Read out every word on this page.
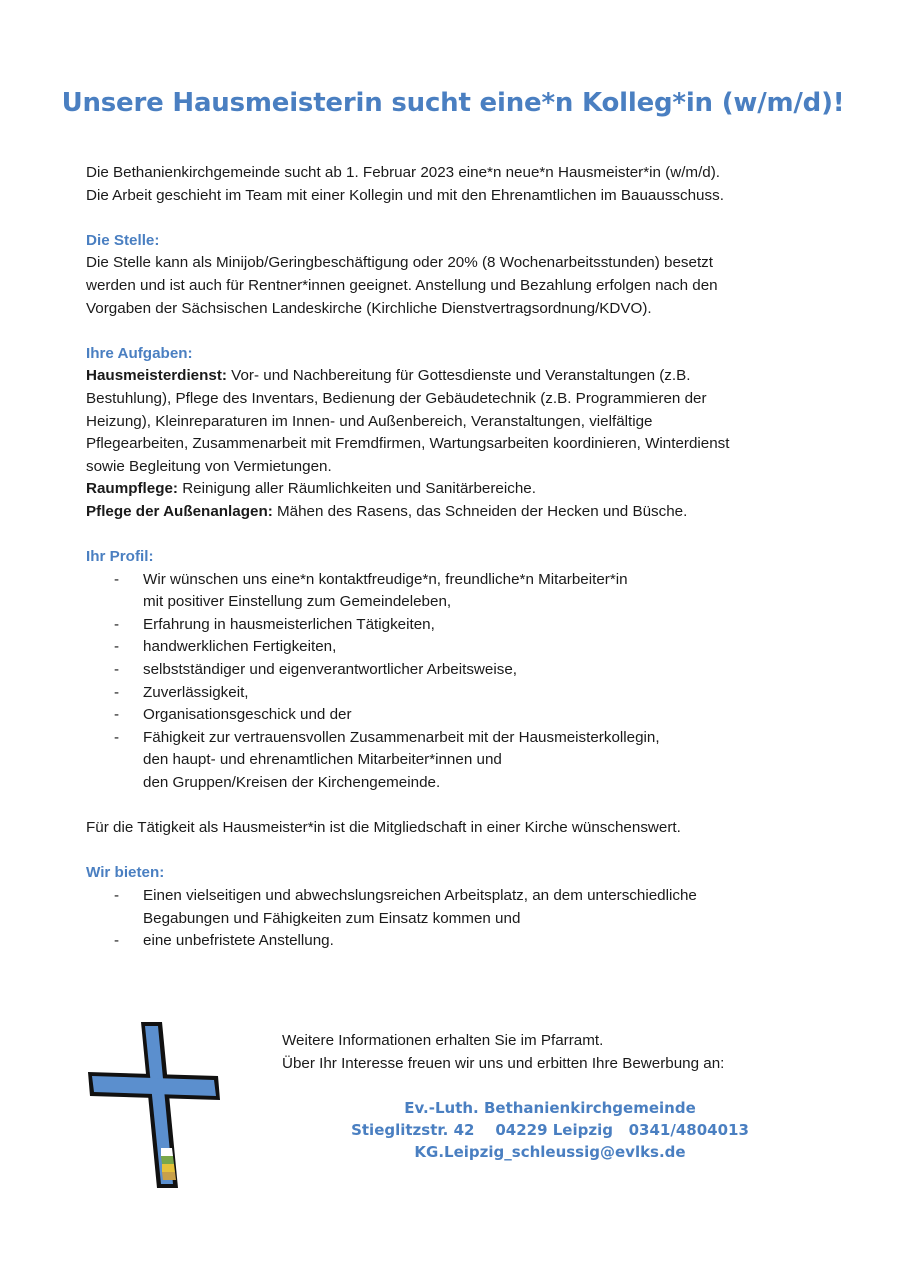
Unsere Hausmeisterin sucht eine*n Kolleg*in (w/m/d)!

Die Bethanienkirchgemeinde sucht ab 1. Februar 2023 eine*n neue*n Hausmeister*in (w/m/d).

Die Arbeit geschieht im Team mit einer Kollegin und mit den Ehrenamtlichen im Bauausschuss.

Die Stelle:

Die Stelle kann als Minijob/Geringbeschäftigung oder 20% (8 Wochenarbeitsstunden) besetzt

werden und ist auch für Rentner*innen geeignet. Anstellung und Bezahlung erfolgen nach den

Vorgaben der Sächsischen Landeskirche (Kirchliche Dienstvertragsordnung/KDVO).

Ihre Aufgaben:

Hausmeisterdienst: Vor- und Nachbereitung für Gottesdienste und Veranstaltungen (z.B.

Bestuhlung), Pflege des Inventars, Bedienung der Gebäudetechnik (z.B. Programmieren der

Heizung), Kleinreparaturen im Innen- und Außenbereich, Veranstaltungen, vielfältige

Pflegearbeiten, Zusammenarbeit mit Fremdfirmen, Wartungsarbeiten koordinieren, Winterdienst

sowie Begleitung von Vermietungen.

Raumpflege: Reinigung aller Räumlichkeiten und Sanitärbereiche.

Pflege der Außenanlagen: Mähen des Rasens, das Schneiden der Hecken und Büsche.

Ihr Profil:

- Wir wünschen uns eine*n kontaktfreudige*n, freundliche*n Mitarbeiter*in
mit positiver Einstellung zum Gemeindeleben,
- Erfahrung in hausmeisterlichen Tätigkeiten,
- handwerklichen Fertigkeiten,
- selbstständiger und eigenverantwortlicher Arbeitsweise,
- Zuverlässigkeit,
- Organisationsgeschick und der
- Fähigkeit zur vertrauensvollen Zusammenarbeit mit der Hausmeisterkollegin,
den haupt- und ehrenamtlichen Mitarbeiter*innen und
den Gruppen/Kreisen der Kirchengemeinde.

Für die Tätigkeit als Hausmeister*in ist die Mitgliedschaft in einer Kirche wünschenswert.

Wir bieten:

- Einen vielseitigen und abwechslungsreichen Arbeitsplatz, an dem unterschiedliche
Begabungen und Fähigkeiten zum Einsatz kommen und
- eine unbefristete Anstellung.
Weitere Informationen erhalten Sie im Pfarramt.
Über Ihr Interesse freuen wir uns und erbitten Ihre Bewerbung an:
Ev.-Luth. Bethanienkirchgemeinde
Stieglitzstr. 42    04229 Leipzig   0341/4804013
KG.Leipzig_schleussig@evlks.de
